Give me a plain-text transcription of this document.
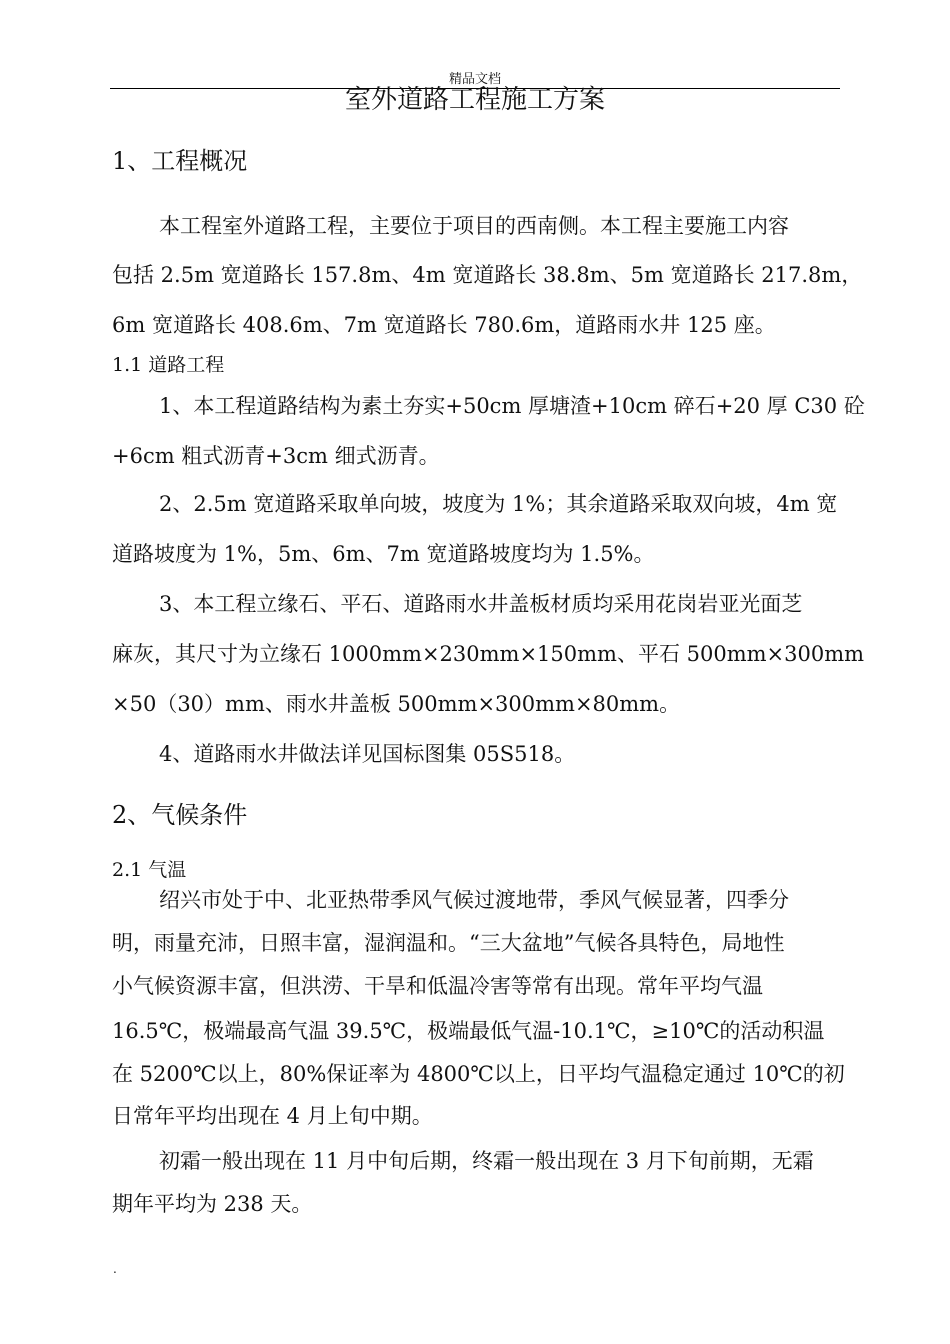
精品文档
室外道路工程施工方案
1、工程概况
本工程室外道路工程，主要位于项目的西南侧。本工程主要施工内容
包括 2.5m 宽道路长 157.8m、4m 宽道路长 38.8m、5m 宽道路长 217.8m，
6m 宽道路长 408.6m、7m 宽道路长 780.6m，道路雨水井 125 座。
1.1 道路工程
1、本工程道路结构为素土夯实+50cm 厚塘渣+10cm 碎石+20 厚 C30 砼
+6cm 粗式沥青+3cm 细式沥青。
2、2.5m 宽道路采取单向坡，坡度为 1%；其余道路采取双向坡，4m 宽
道路坡度为 1%，5m、6m、7m 宽道路坡度均为 1.5%。
3、本工程立缘石、平石、道路雨水井盖板材质均采用花岗岩亚光面芝
麻灰，其尺寸为立缘石 1000mm×230mm×150mm、平石 500mm×300mm
×50（30）mm、雨水井盖板 500mm×300mm×80mm。
4、道路雨水井做法详见国标图集 05S518。
2、气候条件
2.1 气温
绍兴市处于中、北亚热带季风气候过渡地带，季风气候显著，四季分
明，雨量充沛，日照丰富，湿润温和。“三大盆地”气候各具特色，局地性
小气候资源丰富，但洪涝、干旱和低温冷害等常有出现。常年平均气温
16.5℃，极端最高气温 39.5℃，极端最低气温-10.1℃，≥10℃的活动积温
在 5200℃以上，80%保证率为 4800℃以上，日平均气温稳定通过 10℃的初
日常年平均出现在 4 月上旬中期。
初霜一般出现在 11 月中旬后期，终霜一般出现在 3 月下旬前期，无霜
期年平均为 238 天。
.
